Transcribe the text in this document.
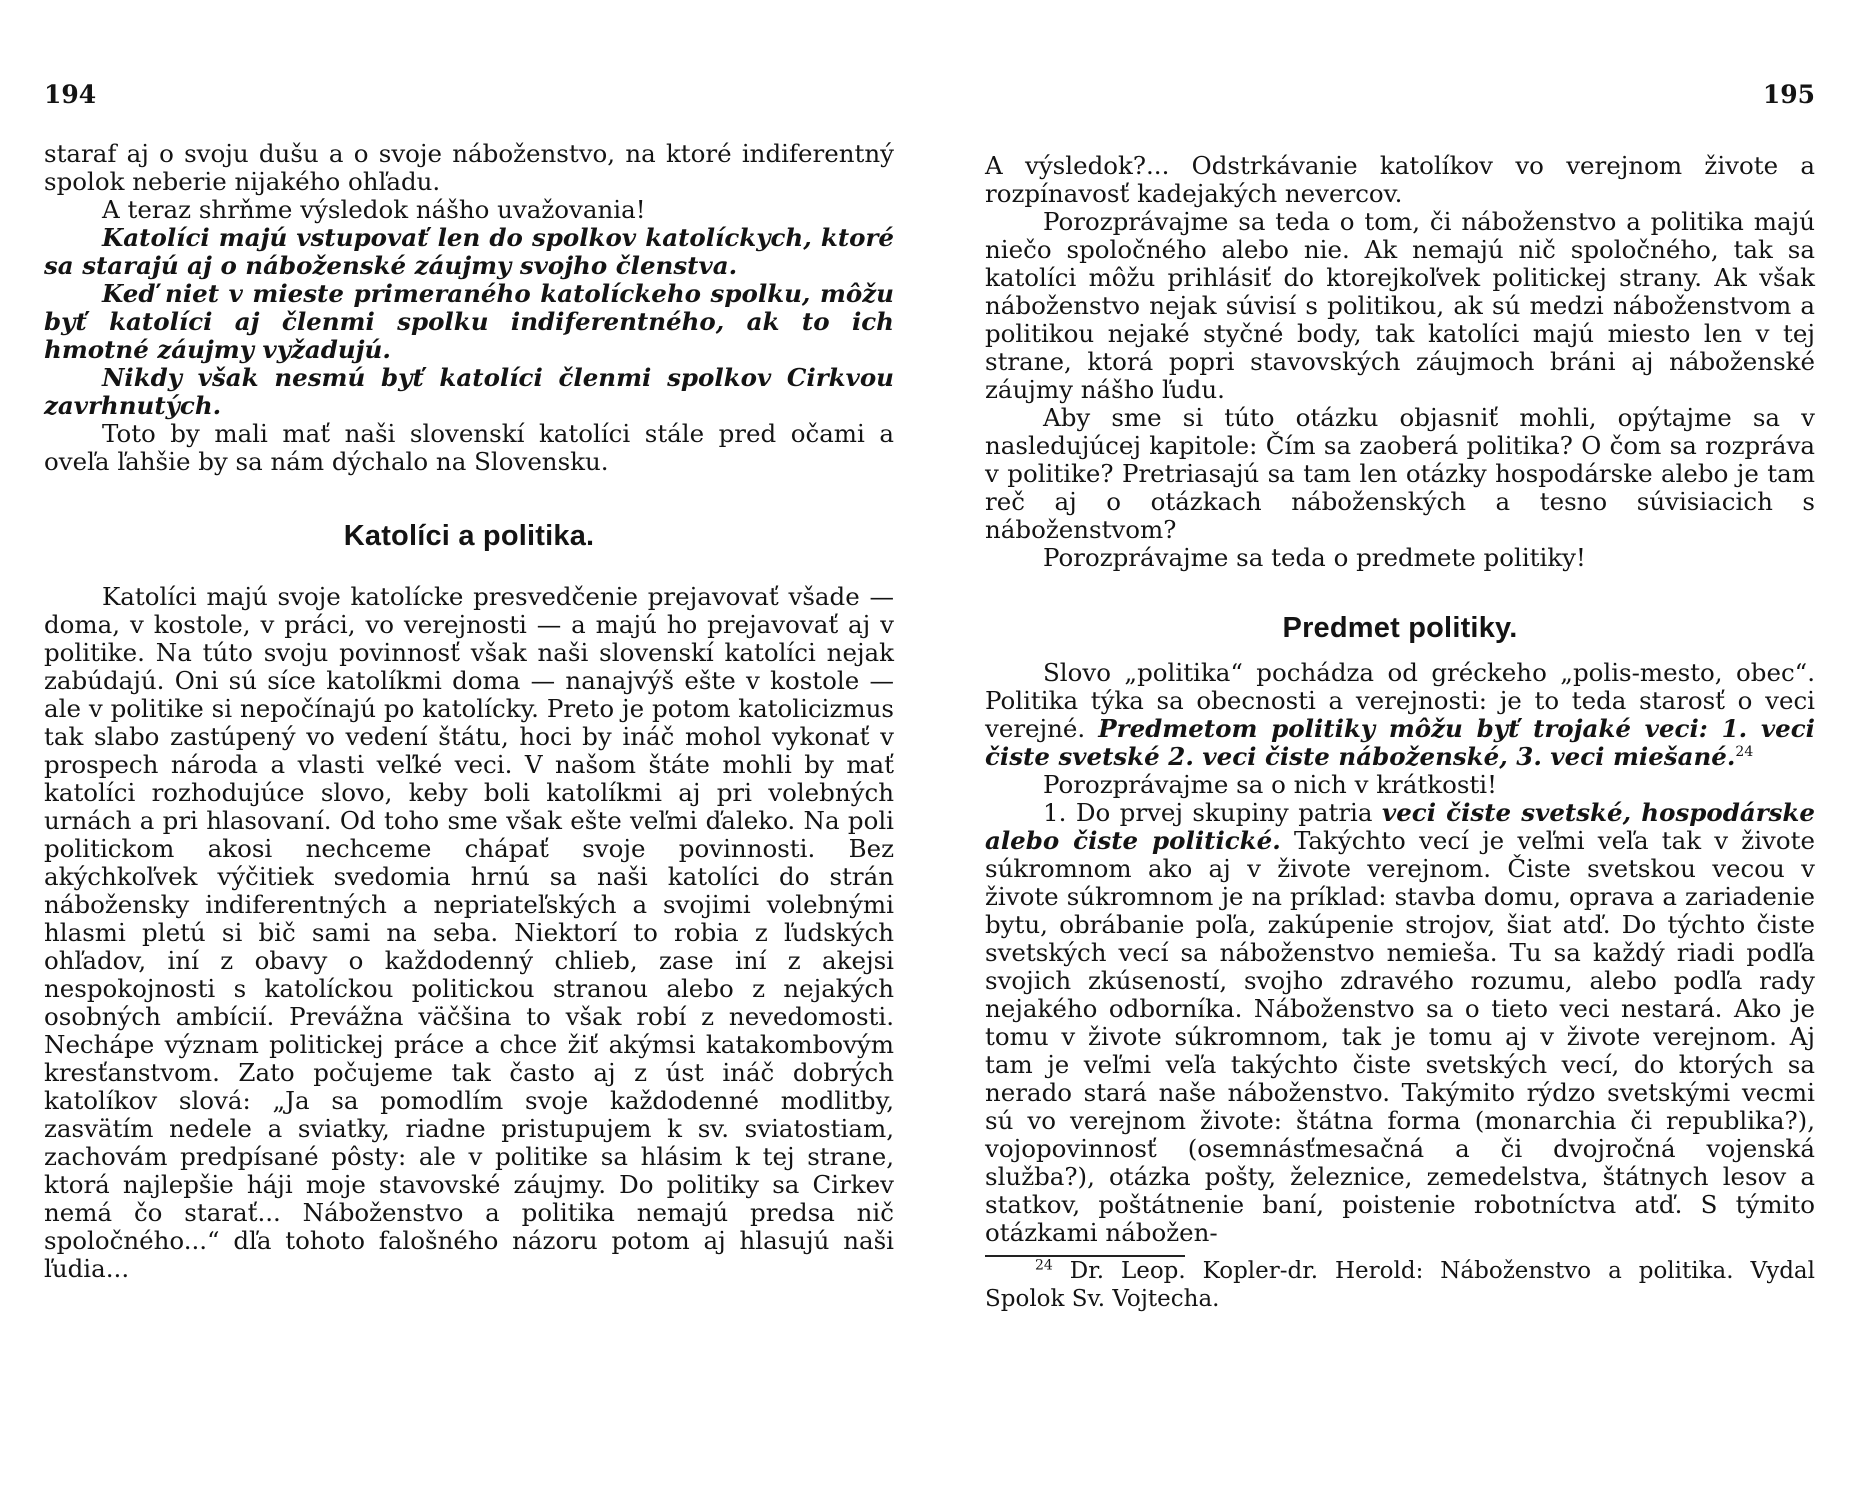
194

staraf aj o svoju dušu a o svoje náboženstvo, na ktoré indiferentný spolok neberie nijakého ohľadu.

A teraz shrňme výsledok nášho uvažovania!

Katolíci majú vstupovať len do spolkov katolíckych, ktoré sa starajú aj o náboženské záujmy svojho členstva.

Keď niet v mieste primeraného katolíckeho spolku, môžu byť katolíci aj členmi spolku indiferentného, ak to ich hmotné záujmy vyžadujú.

Nikdy však nesmú byť katolíci členmi spolkov Cirkvou zavrhnutých.

Toto by mali mať naši slovenskí katolíci stále pred očami a oveľa ľahšie by sa nám dýchalo na Slovensku.

Katolíci a politika.

Katolíci majú svoje katolícke presvedčenie prejavovať všade — doma, v kostole, v práci, vo verejnosti — a majú ho prejavovať aj v politike. Na túto svoju povinnosť však naši slovenskí katolíci nejak zabúdajú. Oni sú síce katolíkmi doma — nanajvýš ešte v kostole — ale v politike si nepočínajú po katolícky. Preto je potom katolicizmus tak slabo zastúpený vo vedení štátu, hoci by ináč mohol vykonať v prospech národa a vlasti veľké veci. V našom štáte mohli by mať katolíci rozhodujúce slovo, keby boli katolíkmi aj pri volebných urnách a pri hlasovaní. Od toho sme však ešte veľmi ďaleko. Na poli politickom akosi nechceme chápať svoje povinnosti. Bez akýchkoľvek výčitiek svedomia hrnú sa naši katolíci do strán nábožensky indiferentných a nepriateľských a svojimi volebnými hlasmi pletú si bič sami na seba. Niektorí to robia z ľudských ohľadov, iní z obavy o každodenný chlieb, zase iní z akejsi nespokojnosti s katolíckou politickou stranou alebo z nejakých osobných ambícií. Prevážna väčšina to však robí z nevedomosti. Nechápe význam politickej práce a chce žiť akýmsi katakombovým kresťanstvom. Zato počujeme tak často aj z úst ináč dobrých katolíkov slová: „Ja sa pomodlím svoje každodenné modlitby, zasvätím nedele a sviatky, riadne pristupujem k sv. sviatostiam, zachovám predpísané pôsty: ale v politike sa hlásim k tej strane, ktorá najlepšie háji moje stavovské záujmy. Do politiky sa Cirkev nemá čo starať... Náboženstvo a politika nemajú predsa nič spoločného...“ dľa tohoto falošného názoru potom aj hlasujú naši ľudia...

195

A výsledok?... Odstrkávanie katolíkov vo verejnom živote a rozpínavosť kadejakých nevercov.

Porozprávajme sa teda o tom, či náboženstvo a politika majú niečo spoločného alebo nie. Ak nemajú nič spoločného, tak sa katolíci môžu prihlásiť do ktorejkoľvek politickej strany. Ak však náboženstvo nejak súvisí s politikou, ak sú medzi náboženstvom a politikou nejaké styčné body, tak katolíci majú miesto len v tej strane, ktorá popri stavovských záujmoch bráni aj náboženské záujmy nášho ľudu.

Aby sme si túto otázku objasniť mohli, opýtajme sa v nasledujúcej kapitole: Čím sa zaoberá politika? O čom sa rozpráva v politike? Pretriasajú sa tam len otázky hospodárske alebo je tam reč aj o otázkach náboženských a tesno súvisiacich s náboženstvom?

Porozprávajme sa teda o predmete politiky!

Predmet politiky.

Slovo „politika“ pochádza od gréckeho „polis-mesto, obec“. Politika týka sa obecnosti a verejnosti: je to teda starosť o veci verejné. Predmetom politiky môžu byť trojaké veci: 1. veci čiste svetské 2. veci čiste náboženské, 3. veci miešané.$^{24}$

Porozprávajme sa o nich v krátkosti!

1. Do prvej skupiny patria veci čiste svetské, hospodárske alebo čiste politické. Takýchto vecí je veľmi veľa tak v živote súkromnom ako aj v živote verejnom. Čiste svetskou vecou v živote súkromnom je na príklad: stavba domu, oprava a zariadenie bytu, obrábanie poľa, zakúpenie strojov, šiat atď. Do týchto čiste svetských vecí sa náboženstvo nemieša. Tu sa každý riadi podľa svojich zkúseností, svojho zdravého rozumu, alebo podľa rady nejakého odborníka. Náboženstvo sa o tieto veci nestará. Ako je tomu v živote súkromnom, tak je tomu aj v živote verejnom. Aj tam je veľmi veľa takýchto čiste svetských vecí, do ktorých sa nerado stará naše náboženstvo. Takýmito rýdzo svetskými vecmi sú vo verejnom živote: štátna forma (monarchia či republika?), vojopovinnosť (osemnásťmesačná a či dvojročná vojenská služba?), otázka pošty, železnice, zemedelstva, štátnych lesov a statkov, poštátnenie baní, poistenie robotníctva atď. S týmito otázkami nábožen-

$^{24}$ Dr. Leop. Kopler-dr. Herold: Náboženstvo a politika. Vydal Spolok Sv. Vojtecha.
